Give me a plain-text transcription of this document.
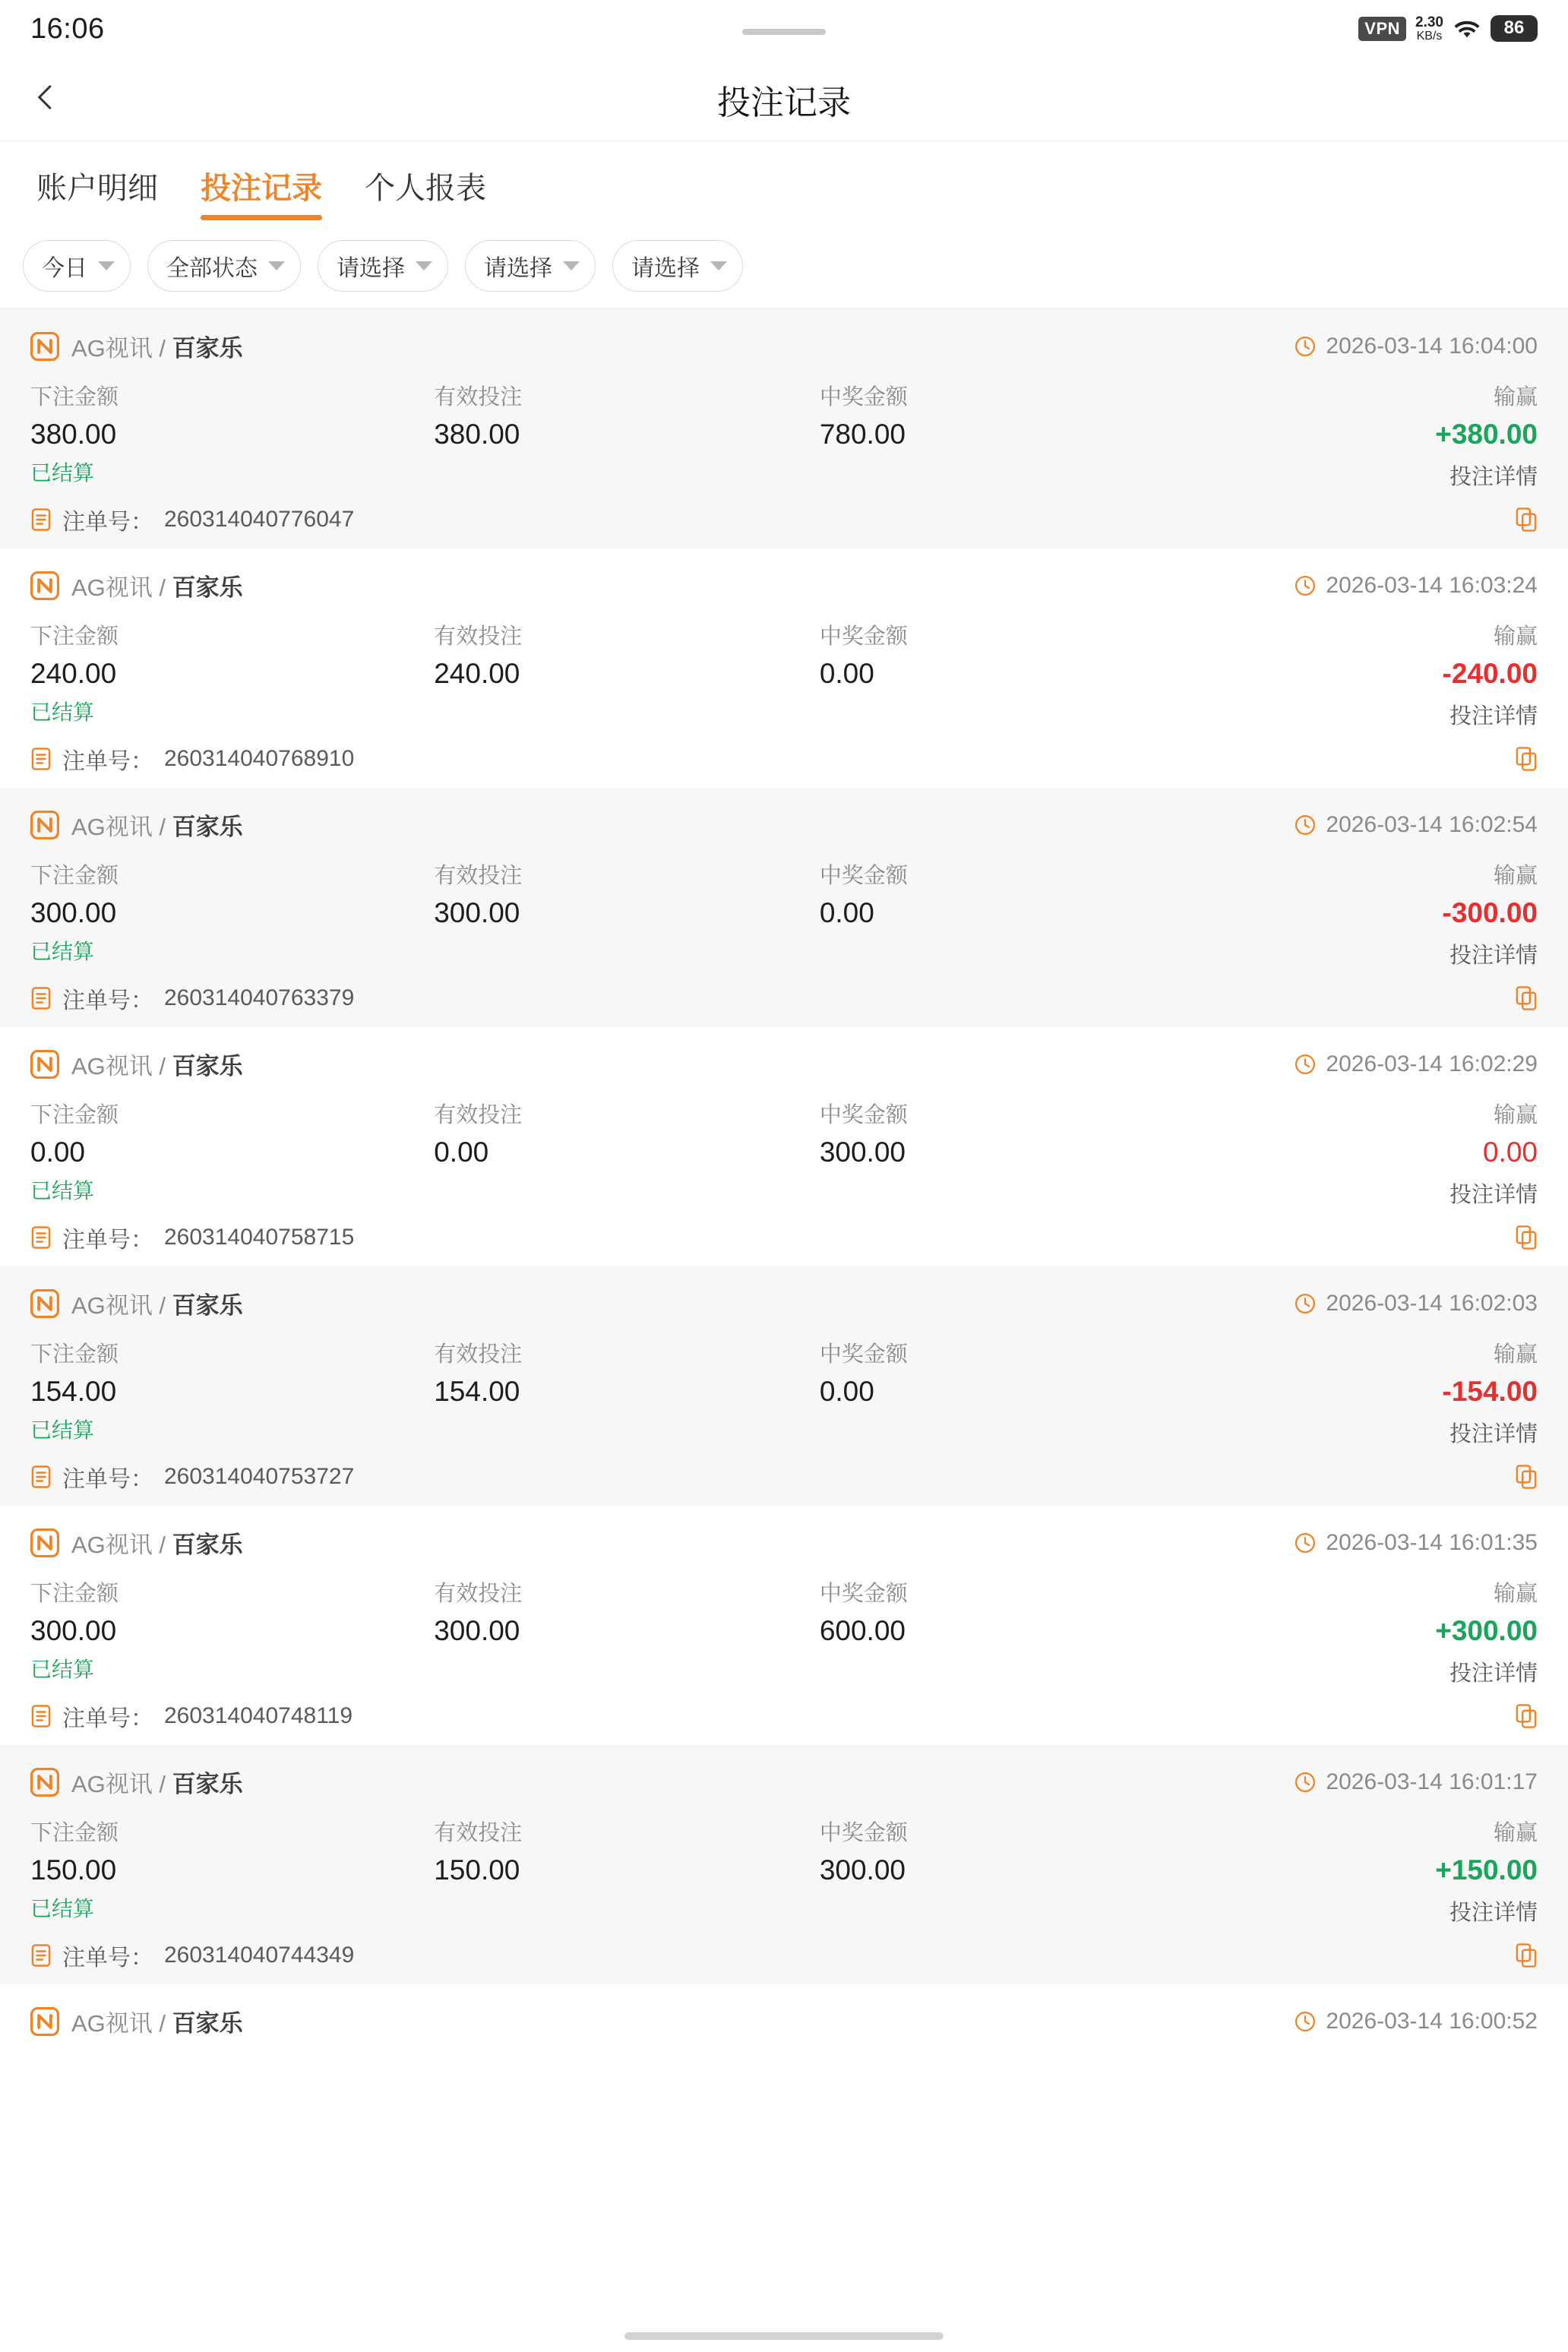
16:06	VPN	2.30
KB/s	86
投注记录
账户明细 投注记录 个人报表
今日	全部状态	请选择	请选择	请选择
AG视讯 / 百家乐	2026-03-14 16:04:00
下注金额
380.00
已结算
有效投注
380.00
中奖金额
780.00
输赢
+380.00
投注详情
注单号： 260314040776047
AG视讯 / 百家乐	2026-03-14 16:03:24
下注金额
240.00
已结算
有效投注
240.00
中奖金额
0.00
输赢
-240.00
投注详情
注单号： 260314040768910
AG视讯 / 百家乐	2026-03-14 16:02:54
下注金额
300.00
已结算
有效投注
300.00
中奖金额
0.00
输赢
-300.00
投注详情
注单号： 260314040763379
AG视讯 / 百家乐	2026-03-14 16:02:29
下注金额
0.00
已结算
有效投注
0.00
中奖金额
300.00
输赢
0.00
投注详情
注单号： 260314040758715
AG视讯 / 百家乐	2026-03-14 16:02:03
下注金额
154.00
已结算
有效投注
154.00
中奖金额
0.00
输赢
-154.00
投注详情
注单号： 260314040753727
AG视讯 / 百家乐	2026-03-14 16:01:35
下注金额
300.00
已结算
有效投注
300.00
中奖金额
600.00
输赢
+300.00
投注详情
注单号： 260314040748119
AG视讯 / 百家乐	2026-03-14 16:01:17
下注金额
150.00
已结算
有效投注
150.00
中奖金额
300.00
输赢
+150.00
投注详情
注单号： 260314040744349
AG视讯 / 百家乐	2026-03-14 16:00:52
